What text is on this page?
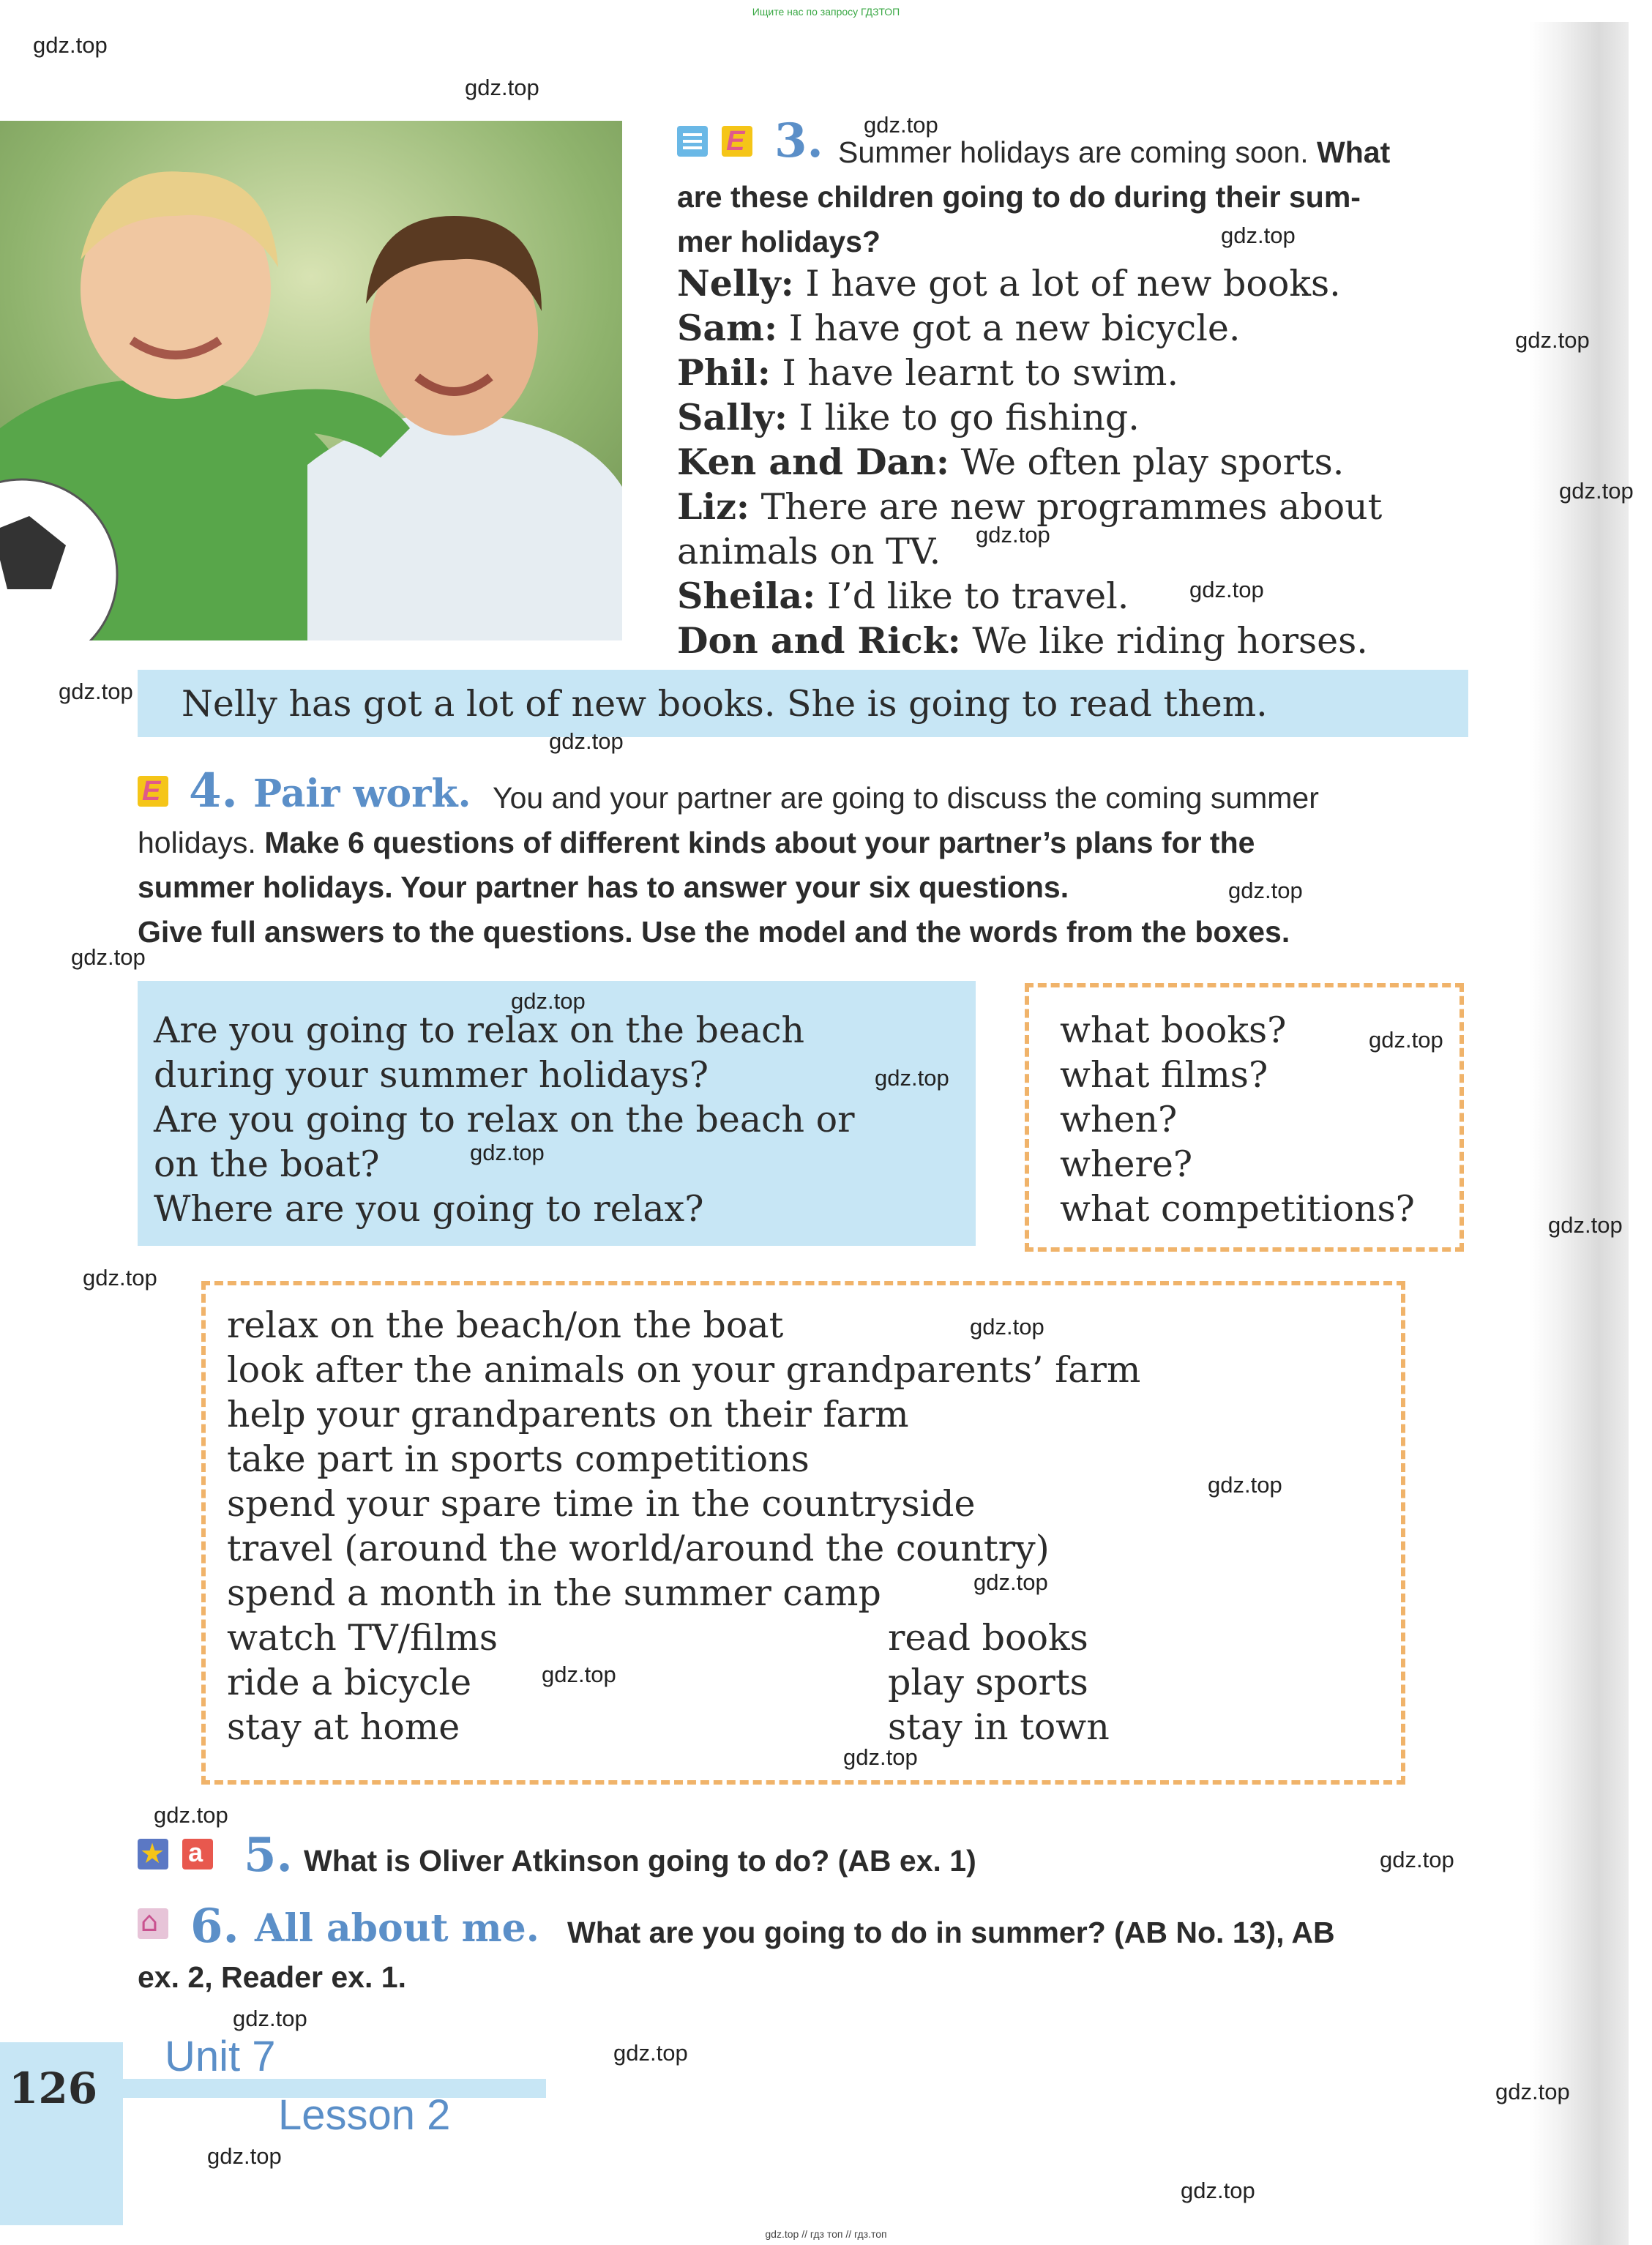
Ищите нас по запросу ГДЗТОП

E 3. Summer holidays are coming soon. What
are these children going to do during their sum-
mer holidays?
Nelly: I have got a lot of new books.
Sam: I have got a new bicycle.
Phil: I have learnt to swim.
Sally: I like to go fishing.
Ken and Dan: We often play sports.
Liz: There are new programmes about
animals on TV.
Sheila: I’d like to travel.
Don and Rick: We like riding horses.
Nelly has got a lot of new books. She is going to read them.
E 4. Pair work. You and your partner are going to discuss the coming summer
holidays. Make 6 questions of different kinds about your partner’s plans for the
summer holidays. Your partner has to answer your six questions.
Give full answers to the questions. Use the model and the words from the boxes.
Are you going to relax on the beach
during your summer holidays?
Are you going to relax on the beach or
on the boat?
Where are you going to relax?
what books?
what films?
when?
where?
what competitions?
relax on the beach/on the boat
look after the animals on your grandparents’ farm
help your grandparents on their farm
take part in sports competitions
spend your spare time in the countryside
travel (around the world/around the country)
spend a month in the summer camp
watch TV/films
ride a bicycle
stay at home
read books
play sports
stay in town
★
a 5. What is Oliver Atkinson going to do? (AB ex. 1)
⌂ 6. All about me. What are you going to do in summer? (AB No. 13), AB
ex. 2, Reader ex. 1.
126
Unit 7
Lesson 2
gdz.top // гдз топ // гдз.топ
gdz.top
gdz.top
gdz.top
gdz.top
gdz.top
gdz.top
gdz.top
gdz.top
gdz.top
gdz.top
gdz.top
gdz.top
gdz.top
gdz.top
gdz.top
gdz.top
gdz.top
gdz.top
gdz.top
gdz.top
gdz.top
gdz.top
gdz.top
gdz.top
gdz.top
gdz.top
gdz.top
gdz.top
gdz.top
gdz.top
